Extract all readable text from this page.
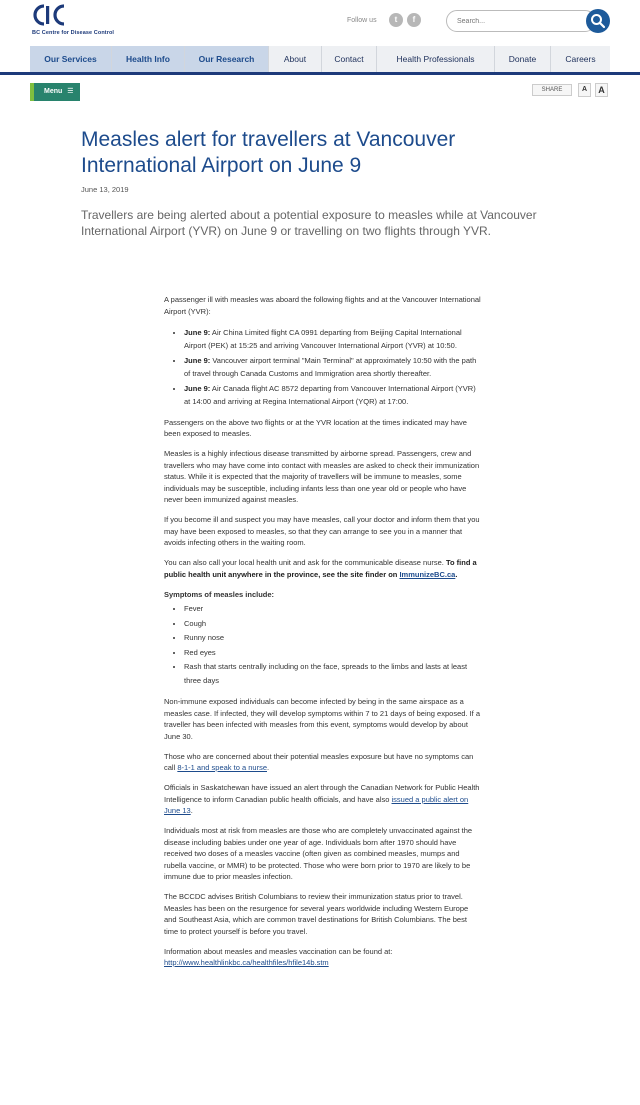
BC Centre for Disease Control
Follow us	t	f
Search...
Our Services	Health Info	Our Research	About	Contact	Health Professionals	Donate	Careers
Menu ☰	SHARE	A	A
Measles alert for travellers at Vancouver International Airport on June 9
June 13, 2019
Travellers are being alerted about a potential exposure to measles while at Vancouver International Airport (YVR) on June 9 or travelling on two flights through YVR.

A passenger ill with measles was aboard the following flights and at the Vancouver International Airport (YVR):

• June 9: Air China Limited flight CA 0991 departing from Beijing Capital International Airport (PEK) at 15:25 and arriving Vancouver International Airport (YVR) at 10:50.
• June 9: Vancouver airport terminal "Main Terminal" at approximately 10:50 with the path of travel through Canada Customs and Immigration area shortly thereafter.
• June 9: Air Canada flight AC 8572 departing from Vancouver International Airport (YVR) at 14:00 and arriving at Regina International Airport (YQR) at 17:00.

Passengers on the above two flights or at the YVR location at the times indicated may have been exposed to measles.

Measles is a highly infectious disease transmitted by airborne spread. Passengers, crew and travellers who may have come into contact with measles are asked to check their immunization status. While it is expected that the majority of travellers will be immune to measles, some individuals may be susceptible, including infants less than one year old or people who have never been immunized against measles.

If you become ill and suspect you may have measles, call your doctor and inform them that you may have been exposed to measles, so that they can arrange to see you in a manner that avoids infecting others in the waiting room.

You can also call your local health unit and ask for the communicable disease nurse. To find a public health unit anywhere in the province, see the site finder on ImmunizeBC.ca.

Symptoms of measles include:
• Fever
• Cough
• Runny nose
• Red eyes
• Rash that starts centrally including on the face, spreads to the limbs and lasts at least three days

Non-immune exposed individuals can become infected by being in the same airspace as a measles case. If infected, they will develop symptoms within 7 to 21 days of being exposed. If a traveller has been infected with measles from this event, symptoms would develop by about June 30.

Those who are concerned about their potential measles exposure but have no symptoms can call 8-1-1 and speak to a nurse.

Officials in Saskatchewan have issued an alert through the Canadian Network for Public Health Intelligence to inform Canadian public health officials, and have also issued a public alert on June 13.

Individuals most at risk from measles are those who are completely unvaccinated against the disease including babies under one year of age. Individuals born after 1970 should have received two doses of a measles vaccine (often given as combined measles, mumps and rubella vaccine, or MMR) to be protected. Those who were born prior to 1970 are likely to be immune due to prior measles infection.

The BCCDC advises British Columbians to review their immunization status prior to travel. Measles has been on the resurgence for several years worldwide including Western Europe and Southeast Asia, which are common travel destinations for British Columbians. The best time to protect yourself is before you travel.

Information about measles and measles vaccination can be found at:
http://www.healthlinkbc.ca/healthfiles/hfile14b.stm
